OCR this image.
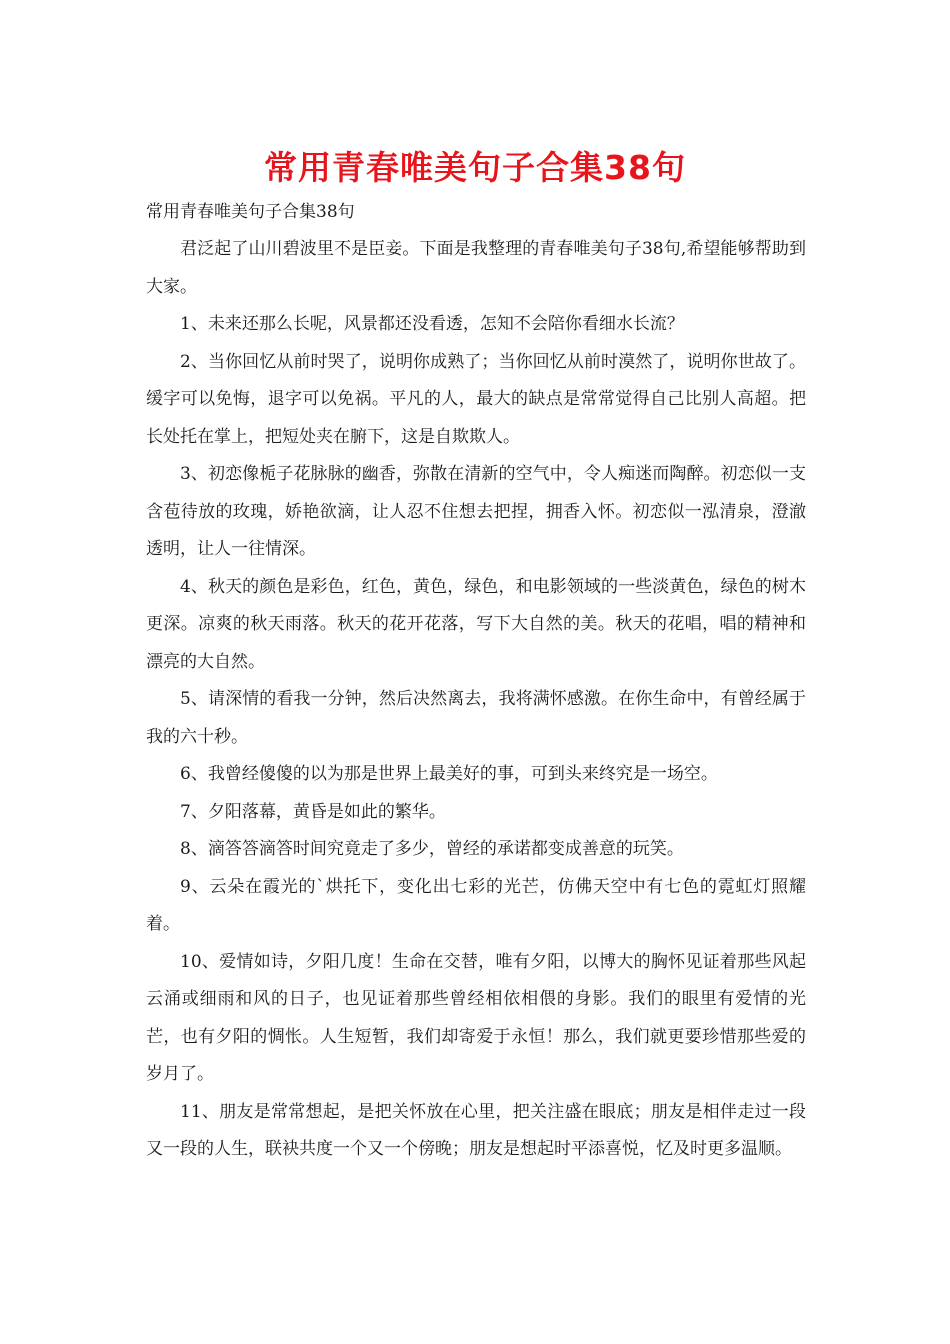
常用青春唯美句子合集38句

常用青春唯美句子合集38句

君泛起了山川碧波里不是臣妾。下面是我整理的青春唯美句子38句,希望能够帮助到大家。

1、未来还那么长呢，风景都还没看透，怎知不会陪你看细水长流？

2、当你回忆从前时哭了，说明你成熟了；当你回忆从前时漠然了，说明你世故了。缓字可以免悔，退字可以免祸。平凡的人，最大的缺点是常常觉得自己比别人高超。把长处托在掌上，把短处夹在腑下，这是自欺欺人。

3、初恋像栀子花脉脉的幽香，弥散在清新的空气中，令人痴迷而陶醉。初恋似一支含苞待放的玫瑰，娇艳欲滴，让人忍不住想去把捏，拥香入怀。初恋似一泓清泉，澄澈透明，让人一往情深。

4、秋天的颜色是彩色，红色，黄色，绿色，和电影领域的一些淡黄色，绿色的树木更深。凉爽的秋天雨落。秋天的花开花落，写下大自然的美。秋天的花唱，唱的精神和漂亮的大自然。

5、请深情的看我一分钟，然后决然离去，我将满怀感激。在你生命中，有曾经属于我的六十秒。

6、我曾经傻傻的以为那是世界上最美好的事，可到头来终究是一场空。

7、夕阳落幕，黄昏是如此的繁华。

8、滴答答滴答时间究竟走了多少，曾经的承诺都变成善意的玩笑。

9、云朵在霞光的`烘托下，变化出七彩的光芒，仿佛天空中有七色的霓虹灯照耀着。

10、爱情如诗，夕阳几度！生命在交替，唯有夕阳，以博大的胸怀见证着那些风起云涌或细雨和风的日子，也见证着那些曾经相依相偎的身影。我们的眼里有爱情的光芒，也有夕阳的惆怅。人生短暂，我们却寄爱于永恒！那么，我们就更要珍惜那些爱的岁月了。

11、朋友是常常想起，是把关怀放在心里，把关注盛在眼底；朋友是相伴走过一段又一段的人生，联袂共度一个又一个傍晚；朋友是想起时平添喜悦，忆及时更多温顺。
